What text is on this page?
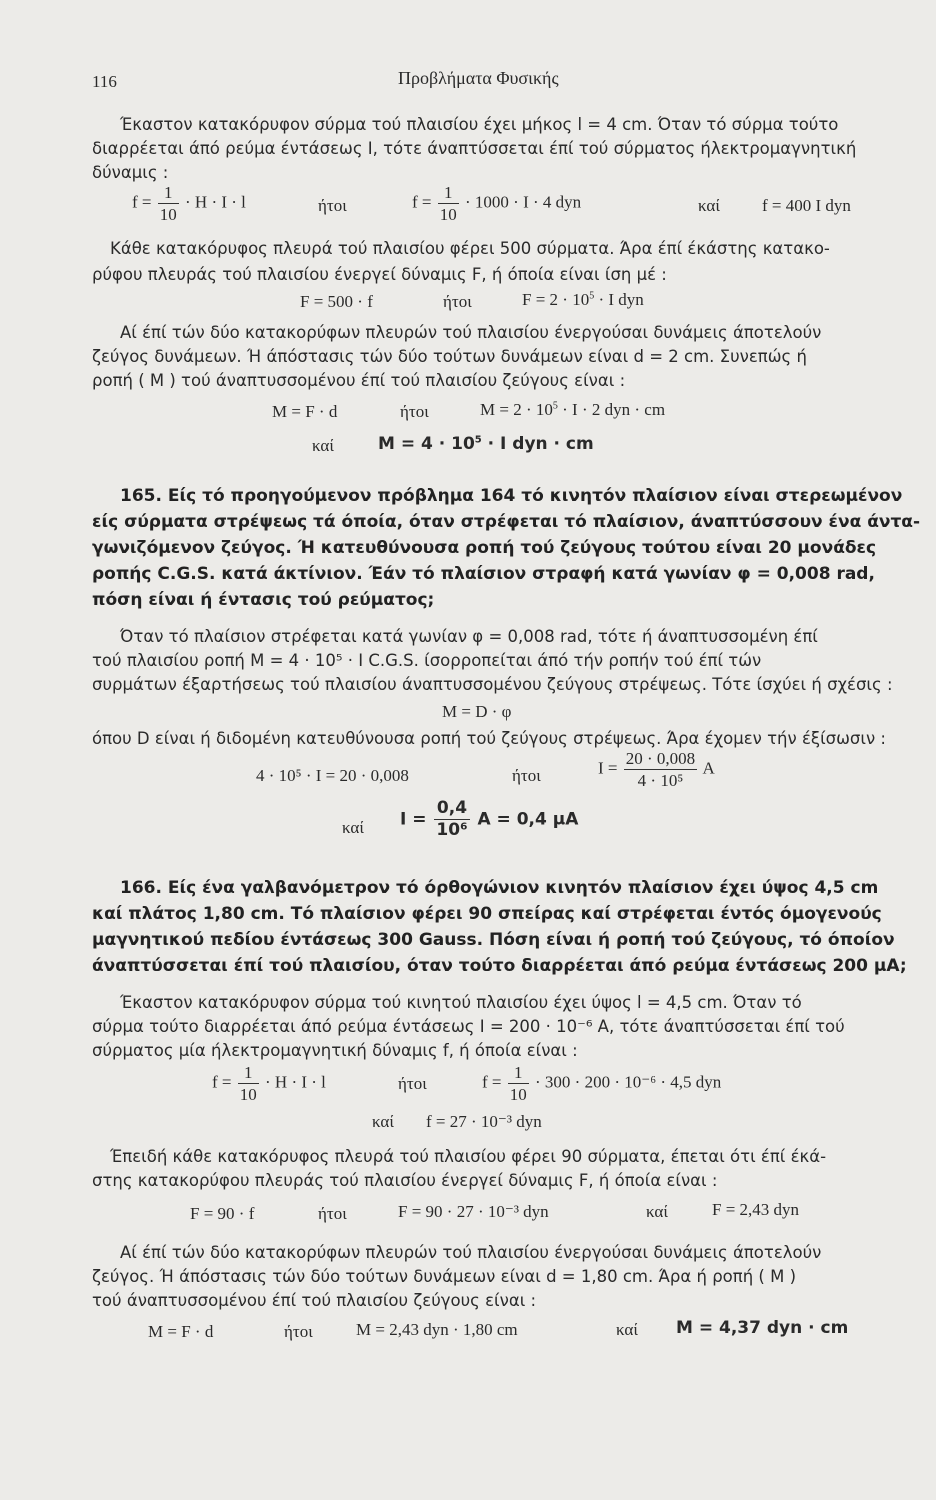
116	Προβλήματα Φυσικής
Έκαστον κατακόρυφον σύρμα τού πλαισίου έχει μήκος l = 4 cm. Όταν τό σύρμα τούτο
διαρρέεται άπό ρεύμα έντάσεως I, τότε άναπτύσσεται έπί τού σύρματος ήλεκτρομαγνητική
δύναμις :
$f = \frac{1}{10} \cdot H \cdot I \cdot l$	ήτοι	$f = \frac{1}{10} \cdot 1000 \cdot I \cdot 4$ dyn	καί f = 400 I dyn
Κάθε κατακόρυφος πλευρά τού πλαισίου φέρει 500 σύρματα. Άρα έπί έκάστης κατακο-
ρύφου πλευράς τού πλαισίου ένεργεί δύναμις F, ή όποία είναι ίση μέ :
F = 500 · f	ήτοι	$F = 2 \cdot 10^5 \cdot I$ dyn
Αί έπί τών δύο κατακορύφων πλευρών τού πλαισίου ένεργούσαι δυνάμεις άποτελούν
ζεύγος δυνάμεων. Ή άπόστασις τών δύο τούτων δυνάμεων είναι d = 2 cm. Συνεπώς ή
ροπή ( M ) τού άναπτυσσομένου έπί τού πλαισίου ζεύγους είναι :
M = F · d	ήτοι	$M = 2 \cdot 10^5 \cdot I \cdot 2$ dyn · cm
καί	$M = 4 \cdot 10^5 \cdot I$ dyn · cm
165. Είς τό προηγούμενον πρόβλημα 164 τό κινητόν πλαίσιον είναι στερεωμένον
είς σύρματα στρέψεως τά όποία, όταν στρέφεται τό πλαίσιον, άναπτύσσουν ένα άντα-
γωνιζόμενον ζεύγος. Ή κατευθύνουσα ροπή τού ζεύγους τούτου είναι 20 μονάδες
ροπής C.G.S. κατά άκτίνιον. Έάν τό πλαίσιον στραφή κατά γωνίαν φ = 0,008 rad,
πόση είναι ή έντασις τού ρεύματος;
Όταν τό πλαίσιον στρέφεται κατά γωνίαν φ = 0,008 rad, τότε ή άναπτυσσομένη έπί
τού πλαισίου ροπή M = 4 · 10⁵ · I C.G.S. ίσορροπείται άπό τήν ροπήν τού έπί τών
συρμάτων έξαρτήσεως τού πλαισίου άναπτυσσομένου ζεύγους στρέψεως. Τότε ίσχύει ή σχέσις :
M = D · φ
όπου D είναι ή διδομένη κατευθύνουσα ροπή τού ζεύγους στρέψεως. Άρα έχομεν τήν έξίσωσιν :
4 · 10⁵ · I = 20 · 0,008	ήτοι	$I = \frac{20 \cdot 0,008}{\text{4 · 10⁵}}$ A
καί $I = \frac{0,4}{\text{10⁶}}$ A = 0,4 μA
166. Είς ένα γαλβανόμετρον τό όρθογώνιον κινητόν πλαίσιον έχει ύψος 4,5 cm
καί πλάτος 1,80 cm. Τό πλαίσιον φέρει 90 σπείρας καί στρέφεται έντός όμογενούς
μαγνητικού πεδίου έντάσεως 300 Gauss. Πόση είναι ή ροπή τού ζεύγους, τό όποίον
άναπτύσσεται έπί τού πλαισίου, όταν τούτο διαρρέεται άπό ρεύμα έντάσεως 200 μA;
Έκαστον κατακόρυφον σύρμα τού κινητού πλαισίου έχει ύψος l = 4,5 cm. Όταν τό
σύρμα τούτο διαρρέεται άπό ρεύμα έντάσεως I = 200 · 10⁻⁶ A, τότε άναπτύσσεται έπί τού
σύρματος μία ήλεκτρομαγνητική δύναμις f, ή όποία είναι :
$f = \frac{1}{10} \cdot H \cdot I \cdot l$	ήτοι	$f = \frac{1}{10} \cdot 300 \cdot 200 \cdot 10^{-6} \cdot 4,5$ dyn
καί f = 27 · 10⁻³ dyn
Έπειδή κάθε κατακόρυφος πλευρά τού πλαισίου φέρει 90 σύρματα, έπεται ότι έπί έκά-
στης κατακορύφου πλευράς τού πλαισίου ένεργεί δύναμις F, ή όποία είναι :
F = 90 · f	ήτοι	F = 90 · 27 · 10⁻³ dyn	καί	F = 2,43 dyn
Αί έπί τών δύο κατακορύφων πλευρών τού πλαισίου ένεργούσαι δυνάμεις άποτελούν
ζεύγος. Ή άπόστασις τών δύο τούτων δυνάμεων είναι d = 1,80 cm. Άρα ή ροπή ( M )
τού άναπτυσσομένου έπί τού πλαισίου ζεύγους είναι :
M = F · d	ήτοι	M = 2,43 dyn · 1,80 cm	καί M = 4,37 dyn · cm
